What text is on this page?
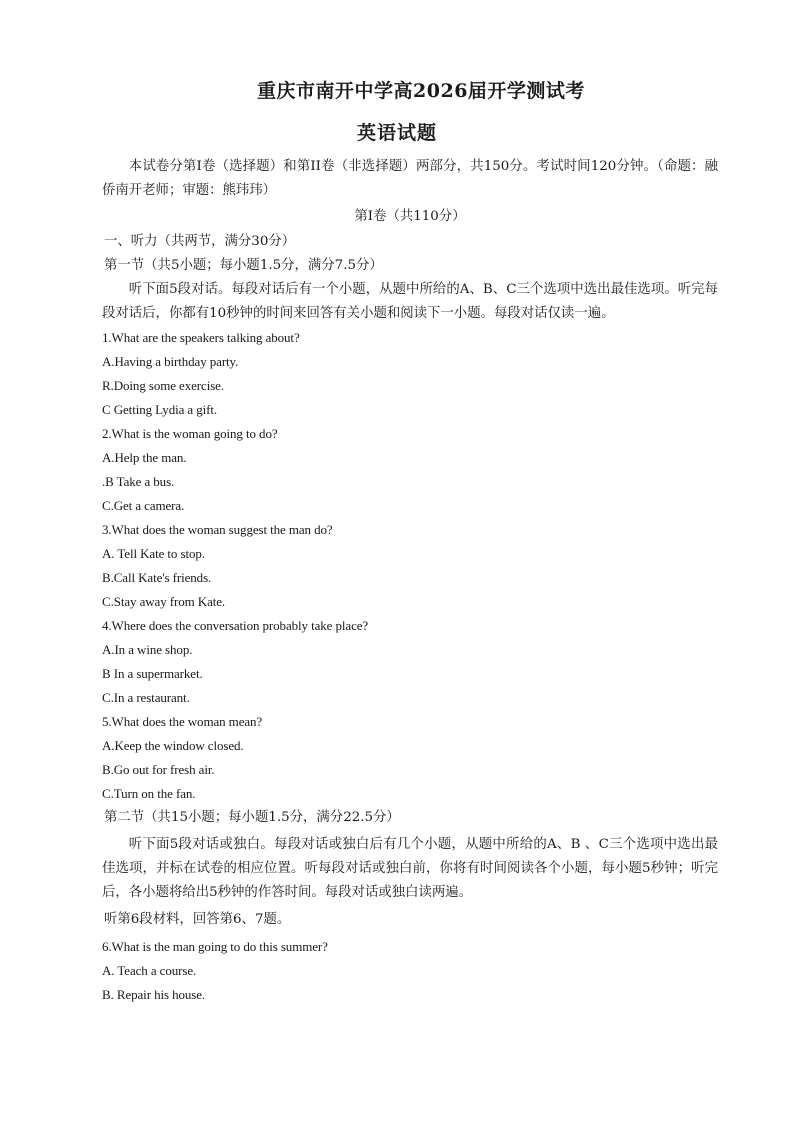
重庆市南开中学高2026届开学测试考
英语试题

本试卷分第I卷（选择题）和第II卷（非选择题）两部分，共150分。考试时间120分钟。（命题：融侨南开老师；审题：熊玮玮）

第I卷（共110分）

一、听力（共两节，满分30分）

第一节（共5小题；每小题1.5分，满分7.5分）

听下面5段对话。每段对话后有一个小题，从题中所给的A、B、C三个选项中选出最佳选项。听完每段对话后，你都有10秒钟的时间来回答有关小题和阅读下一小题。每段对话仅读一遍。

1.What are the speakers talking about?

A.Having a birthday party.

R.Doing some exercise.

C Getting Lydia a gift.

2.What is the woman going to do?

A.Help the man.

.B Take a bus.

C.Get a camera.

3.What does the woman suggest the man do?

A. Tell Kate to stop.

B.Call Kate's friends.

C.Stay away from Kate.

4.Where does the conversation probably take place?

A.In a wine shop.

B In a supermarket.

C.In a restaurant.

5.What does the woman mean?

A.Keep the window closed.

B.Go out for fresh air.

C.Turn on the fan.

第二节（共15小题；每小题1.5分，满分22.5分）

听下面5段对话或独白。每段对话或独白后有几个小题，从题中所给的A、B 、C三个选项中选出最佳选项，并标在试卷的相应位置。听每段对话或独白前，你将有时间阅读各个小题，每小题5秒钟；听完后，各小题将给出5秒钟的作答时间。每段对话或独白读两遍。

听第6段材料，回答第6、7题。

6.What is the man going to do this summer?

A. Teach a course.

B. Repair his house.
